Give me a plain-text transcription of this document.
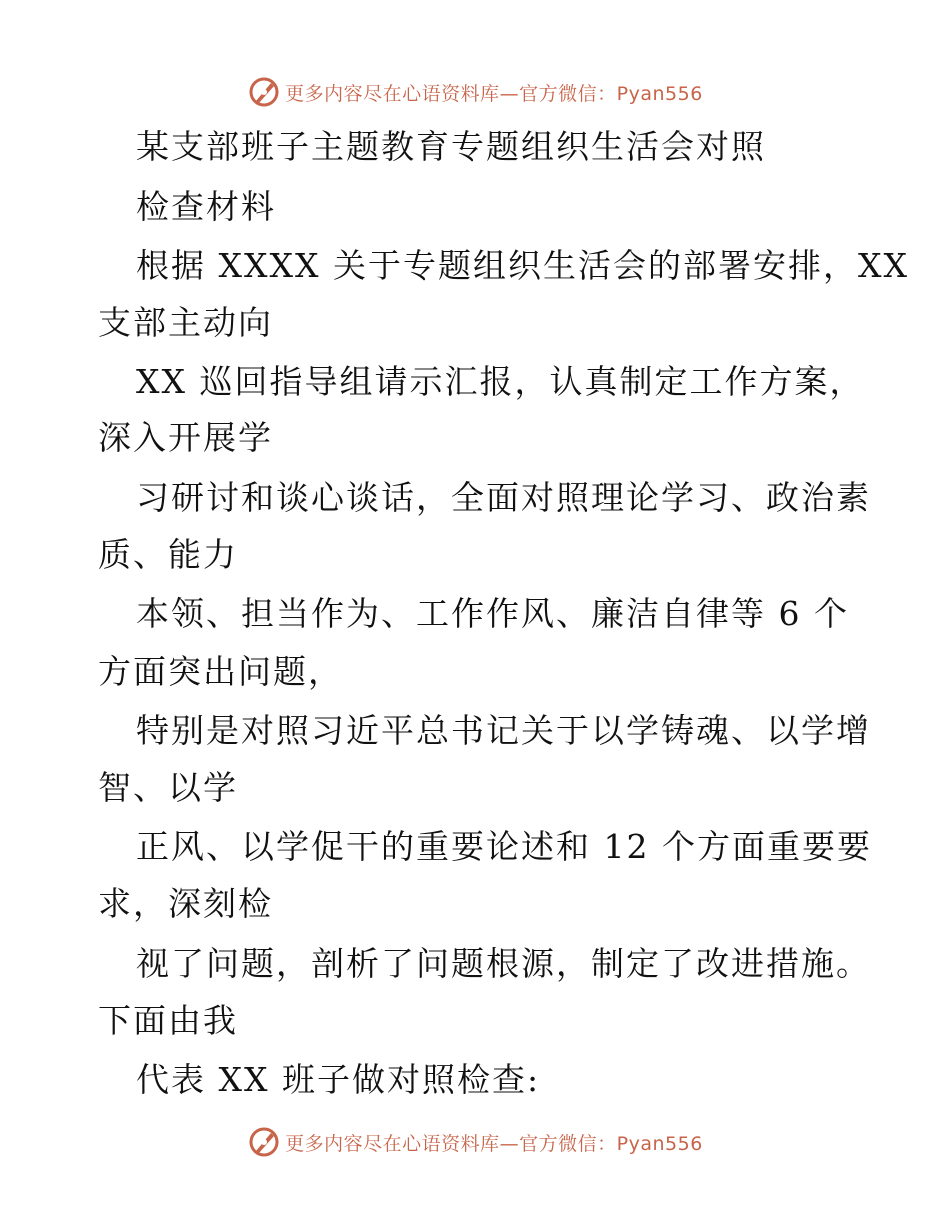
更多内容尽在心语资料库—官方微信：Pyan556
某支部班子主题教育专题组织生活会对照
检查材料
根据 XXXX 关于专题组织生活会的部署安排，XX
支部主动向
XX 巡回指导组请示汇报，认真制定工作方案，
深入开展学
习研讨和谈心谈话，全面对照理论学习、政治素
质、能力
本领、担当作为、工作作风、廉洁自律等 6 个
方面突出问题，
特别是对照习近平总书记关于以学铸魂、以学增
智、以学
正风、以学促干的重要论述和 12 个方面重要要
求，深刻检
视了问题，剖析了问题根源，制定了改进措施。
下面由我
代表 XX 班子做对照检查:
更多内容尽在心语资料库—官方微信：Pyan556
